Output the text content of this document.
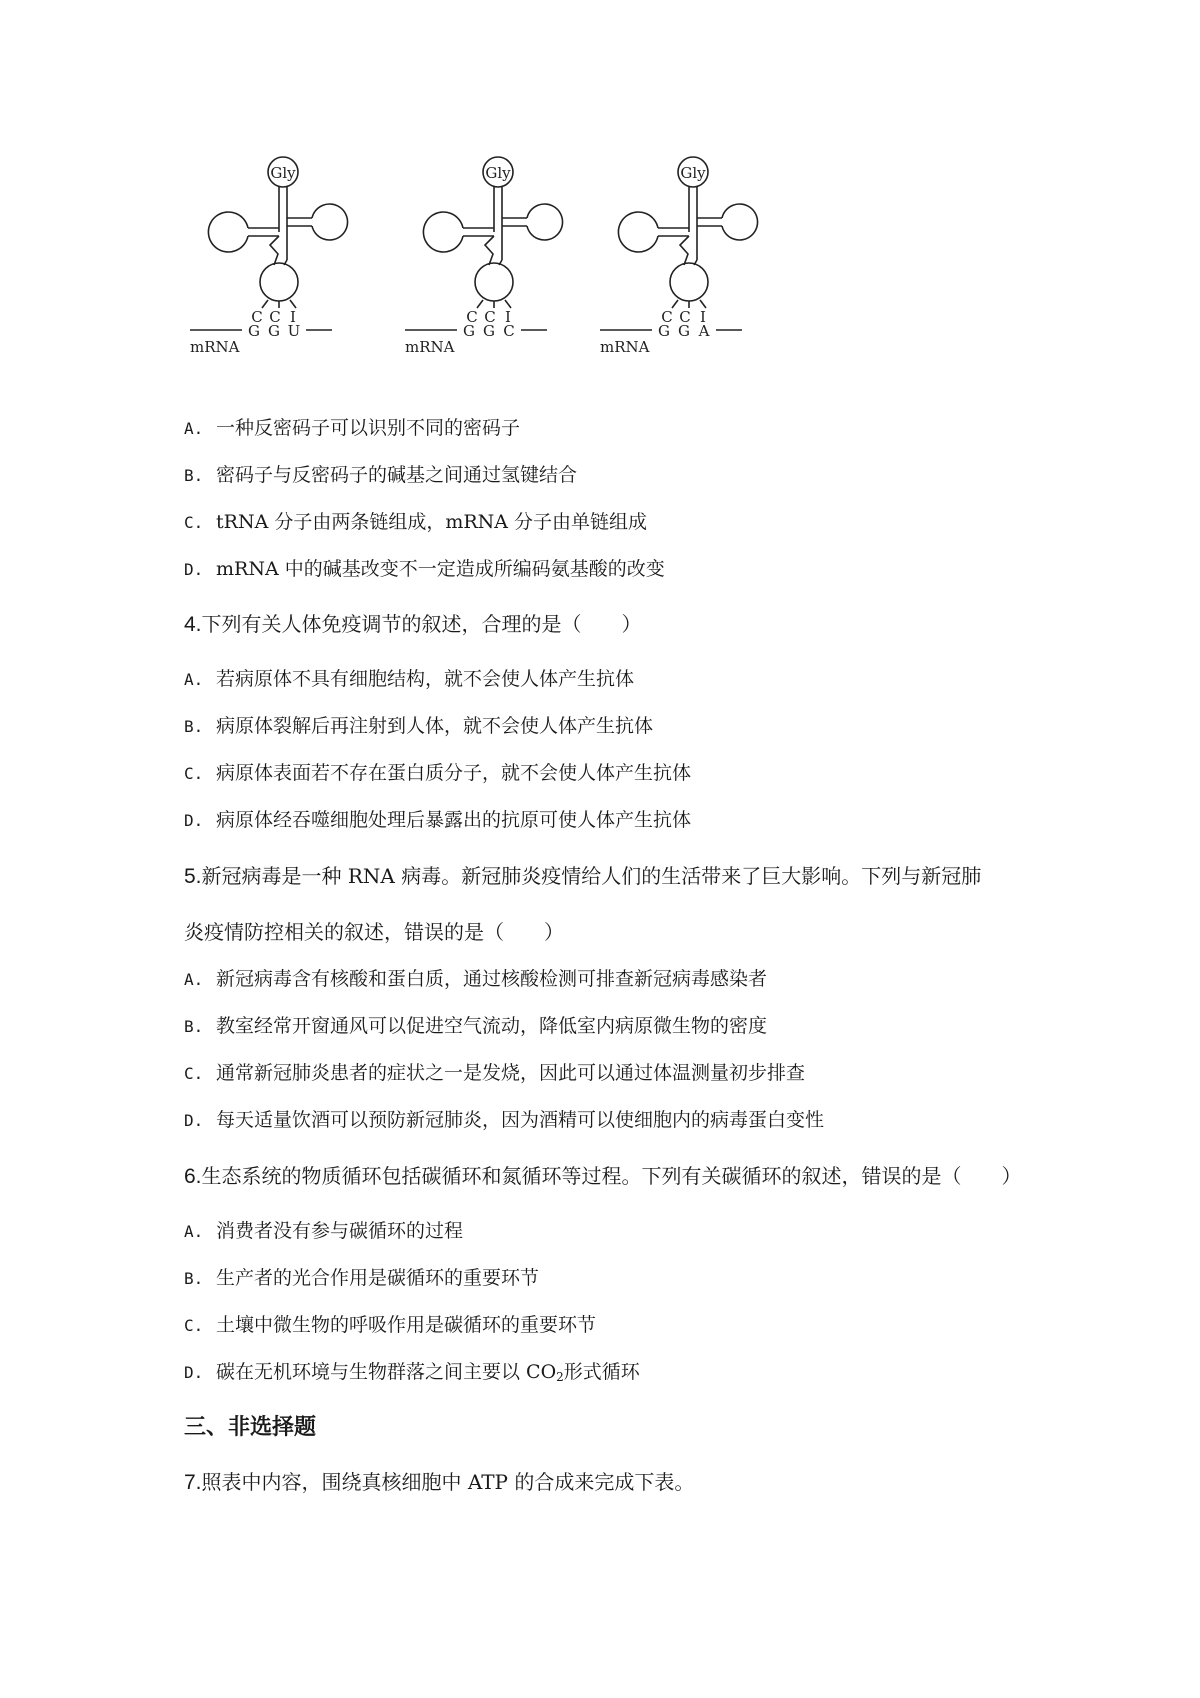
Gly
C C I
G G U
mRNA
Gly
C C I
G G C
mRNA
Gly
C C I
G G A
mRNA
A. 一种反密码子可以识别不同的密码子
B. 密码子与反密码子的碱基之间通过氢键结合
C. tRNA 分子由两条链组成，mRNA 分子由单链组成
D. mRNA 中的碱基改变不一定造成所编码氨基酸的改变
4.下列有关人体免疫调节的叙述，合理的是（　　）
A. 若病原体不具有细胞结构，就不会使人体产生抗体
B. 病原体裂解后再注射到人体，就不会使人体产生抗体
C. 病原体表面若不存在蛋白质分子，就不会使人体产生抗体
D. 病原体经吞噬细胞处理后暴露出的抗原可使人体产生抗体
5.新冠病毒是一种 RNA 病毒。新冠肺炎疫情给人们的生活带来了巨大影响。下列与新冠肺
炎疫情防控相关的叙述，错误的是（　　）
A. 新冠病毒含有核酸和蛋白质，通过核酸检测可排查新冠病毒感染者
B. 教室经常开窗通风可以促进空气流动，降低室内病原微生物的密度
C. 通常新冠肺炎患者的症状之一是发烧，因此可以通过体温测量初步排查
D. 每天适量饮酒可以预防新冠肺炎，因为酒精可以使细胞内的病毒蛋白变性
6.生态系统的物质循环包括碳循环和氮循环等过程。下列有关碳循环的叙述，错误的是（　　）
A. 消费者没有参与碳循环的过程
B. 生产者的光合作用是碳循环的重要环节
C. 土壤中微生物的呼吸作用是碳循环的重要环节
D. 碳在无机环境与生物群落之间主要以 $CO_2$形式循环
三、非选择题
7.照表中内容，围绕真核细胞中 ATP 的合成来完成下表。
